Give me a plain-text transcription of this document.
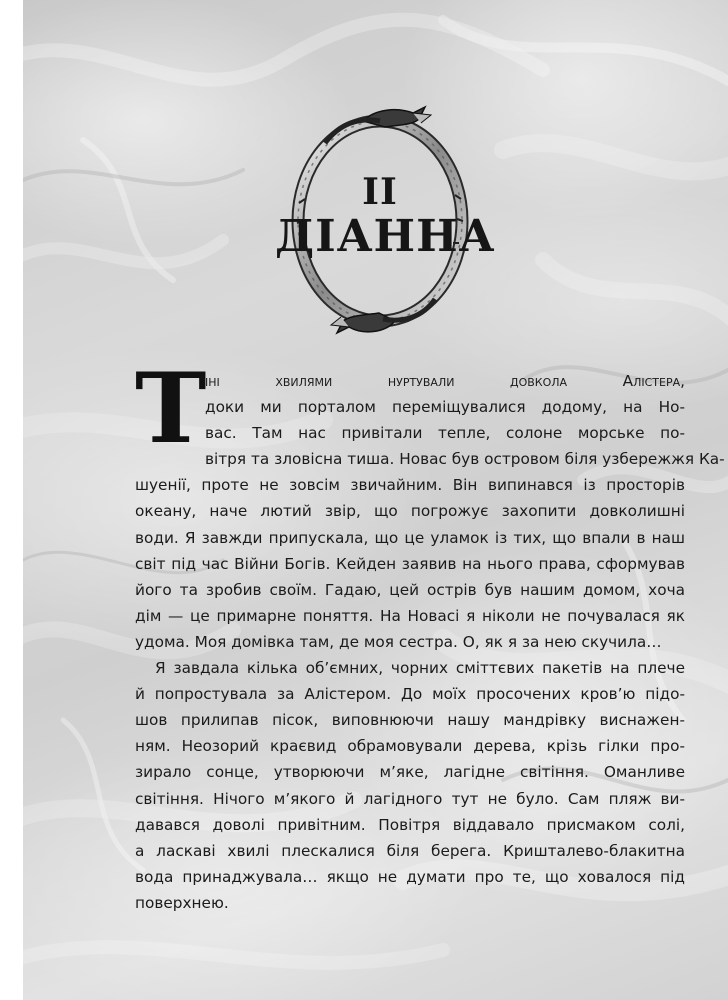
II
ДІАННА
Т
іні хвилями нуртували довкола Алістера,
доки ми порталом переміщувалися додому, на Но-
вас. Там нас привітали тепле, солоне морське по-
вітря та зловісна тиша. Новас був островом біля узбережжя Ка-
шуенії, проте не зовсім звичайним. Він випинався із просторів
океану, наче лютий звір, що погрожує захопити довколишні
води. Я завжди припускала, що це уламок із тих, що впали в наш
світ під час Війни Богів. Кейден заявив на нього права, сформував
його та зробив своїм. Гадаю, цей острів був нашим домом, хоча
дім — це примарне поняття. На Новасі я ніколи не почувалася як
удома. Моя домівка там, де моя сестра. О, як я за нею скучила…
Я завдала кілька об’ємних, чорних сміттєвих пакетів на плече
й попростувала за Алістером. До моїх просочених кров’ю підо-
шов прилипав пісок, виповнюючи нашу мандрівку виснажен-
ням. Неозорий краєвид обрамовували дерева, крізь гілки про-
зирало сонце, утворюючи м’яке, лагідне світіння. Оманливе
світіння. Нічого м’якого й лагідного тут не було. Сам пляж ви-
давався доволі привітним. Повітря віддавало присмаком солі,
а ласкаві хвилі плескалися біля берега. Кришталево-блакитна
вода принаджувала… якщо не думати про те, що ховалося під
поверхнею.
